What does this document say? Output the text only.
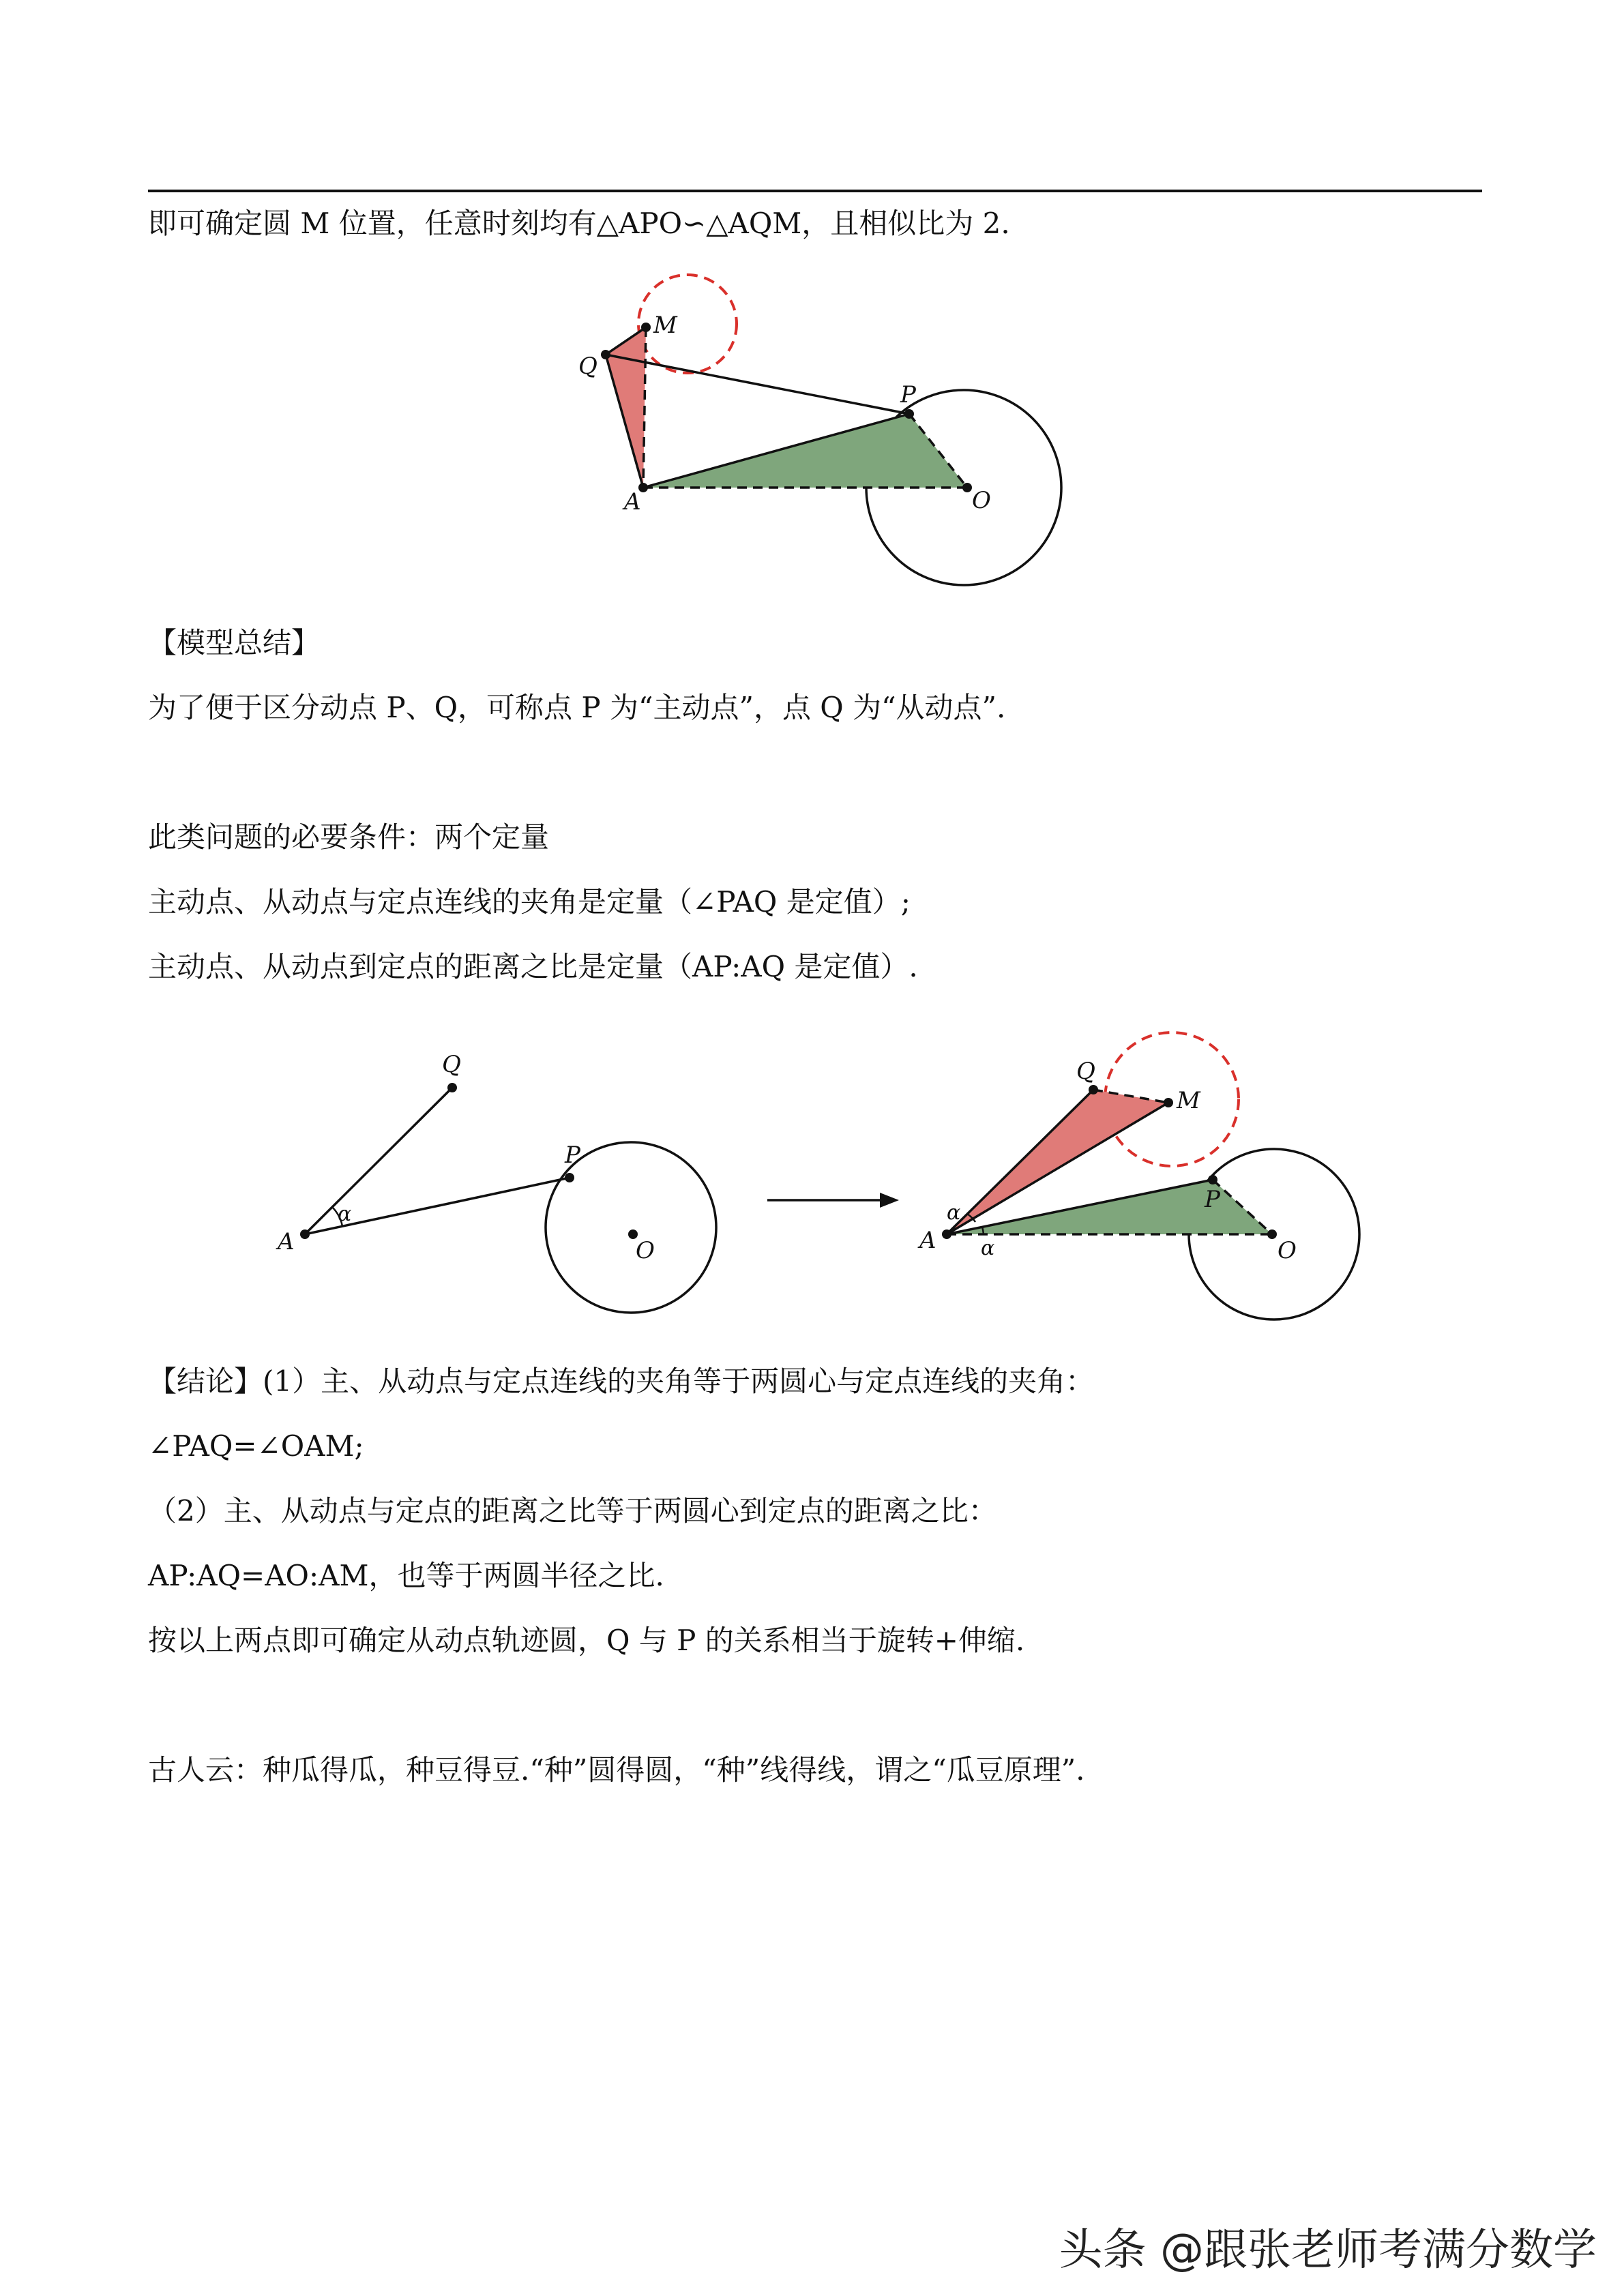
即可确定圆 M 位置，任意时刻均有△APO∽△AQM，且相似比为 2.
M
Q
P
A	O
【模型总结】
为了便于区分动点 P、Q，可称点 P 为“主动点”，点 Q 为“从动点”.
此类问题的必要条件：两个定量
主动点、从动点与定点连线的夹角是定量（∠PAQ 是定值）;
主动点、从动点到定点的距离之比是定量（AP:AQ 是定值）.
Q
P
A	O
α
Q
M
P
A	O
α
α
【结论】(1）主、从动点与定点连线的夹角等于两圆心与定点连线的夹角：
∠PAQ=∠OAM;
（2）主、从动点与定点的距离之比等于两圆心到定点的距离之比：
AP:AQ=AO:AM，也等于两圆半径之比.
按以上两点即可确定从动点轨迹圆，Q 与 P 的关系相当于旋转+伸缩.
古人云：种瓜得瓜，种豆得豆.“种”圆得圆，“种”线得线，谓之“瓜豆原理”.
头条 @跟张老师考满分数学
